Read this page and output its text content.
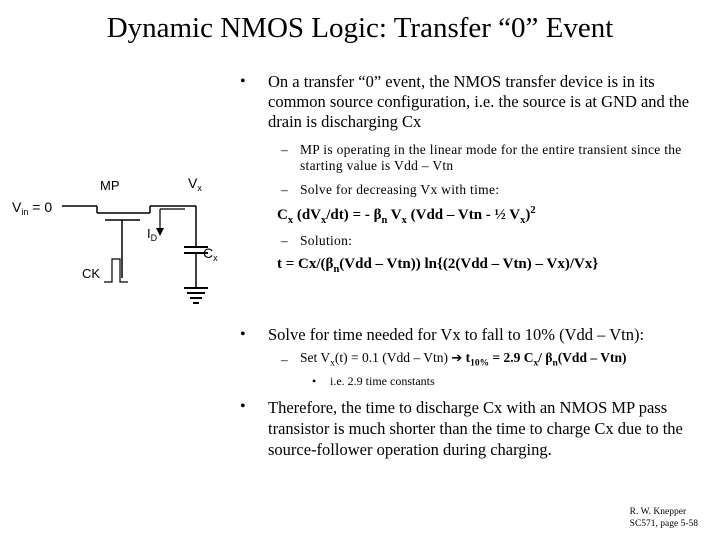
Dynamic NMOS Logic: Transfer “0” Event
$V_{in} = 0$
MP	$V_x$
$I_D$
$C_x$
CK
• On a transfer “0” event, the NMOS transfer device is in its common source configuration, i.e. the source is at GND and the drain is discharging Cx
– MP is operating in the linear mode for the entire transient since the starting value is Vdd – Vtn
– Solve for decreasing Vx with time:
$C_x$ $(dV_x/dt)$ = - $\beta_n$ $V_x$ (Vdd – Vtn - ½ $V_x)^2$
– Solution:
$t = Cx/(\beta_n(Vdd - Vtn))$ ln{(2(Vdd – Vtn) – Vx)/Vx}
• Solve for time needed for Vx to fall to 10% (Vdd – Vtn):
– Set $V_x(t) = 0.1$ (Vdd – Vtn) ➔ $t_{10\%} = 2.9$ $C_x/$ $\beta_n(Vdd - Vtn)$
• i.e. 2.9 time constants
• Therefore, the time to discharge Cx with an NMOS MP pass transistor is much shorter than the time to charge Cx due to the source-follower operation during charging.
R. W. Knepper
SC571, page 5-58
